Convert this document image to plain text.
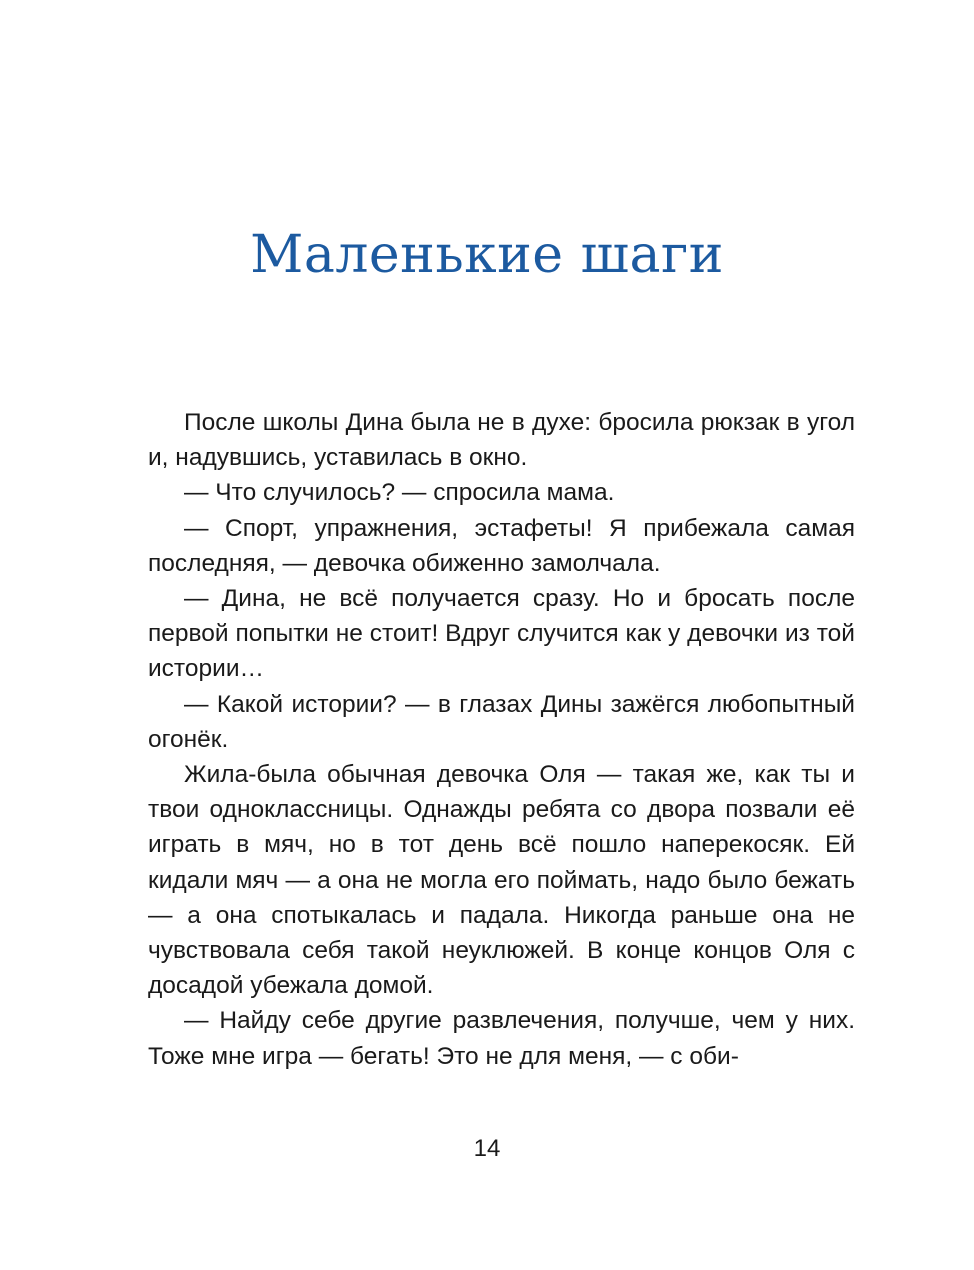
Маленькие шаги

После школы Дина была не в духе: бросила рюкзак в угол и, надувшись, уставилась в окно.

— Что случилось? — спросила мама.

— Спорт, упражнения, эстафеты! Я прибежала самая последняя, — девочка обиженно замолчала.

— Дина, не всё получается сразу. Но и бросать после первой попытки не стоит! Вдруг случится как у девочки из той истории…

— Какой истории? — в глазах Дины зажёгся любопытный огонёк.

Жила-была обычная девочка Оля — такая же, как ты и твои одноклассницы. Однажды ребята со двора позвали её играть в мяч, но в тот день всё пошло наперекосяк. Ей кидали мяч — а она не могла его поймать, надо было бежать — а она спотыкалась и падала. Никогда раньше она не чувствовала себя такой неуклюжей. В конце концов Оля с досадой убежала домой.

— Найду себе другие развлечения, получше, чем у них. Тоже мне игра — бегать! Это не для меня, — с оби-

14
